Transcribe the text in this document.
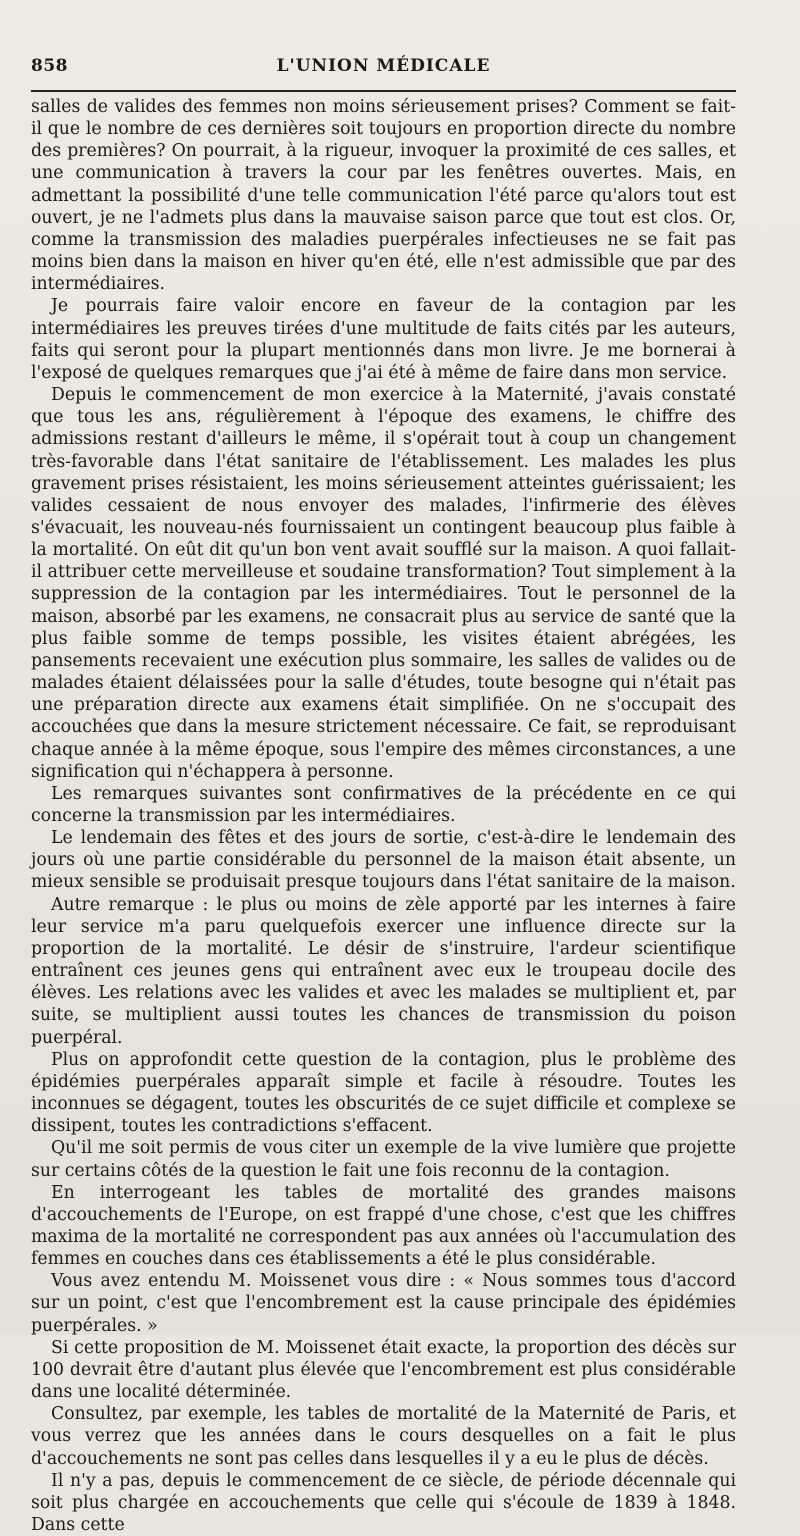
858	L'UNION MÉDICALE

salles de valides des femmes non moins sérieusement prises? Comment se fait-il que le nombre de ces dernières soit toujours en proportion directe du nombre des premières? On pourrait, à la rigueur, invoquer la proximité de ces salles, et une communication à travers la cour par les fenêtres ouvertes. Mais, en admettant la possibilité d'une telle communication l'été parce qu'alors tout est ouvert, je ne l'admets plus dans la mauvaise saison parce que tout est clos. Or, comme la transmission des maladies puerpérales infectieuses ne se fait pas moins bien dans la maison en hiver qu'en été, elle n'est admissible que par des intermédiaires.

Je pourrais faire valoir encore en faveur de la contagion par les intermédiaires les preuves tirées d'une multitude de faits cités par les auteurs, faits qui seront pour la plupart mentionnés dans mon livre. Je me bornerai à l'exposé de quelques remarques que j'ai été à même de faire dans mon service.

Depuis le commencement de mon exercice à la Maternité, j'avais constaté que tous les ans, régulièrement à l'époque des examens, le chiffre des admissions restant d'ailleurs le même, il s'opérait tout à coup un changement très-favorable dans l'état sanitaire de l'établissement. Les malades les plus gravement prises résistaient, les moins sérieusement atteintes guérissaient; les valides cessaient de nous envoyer des malades, l'infirmerie des élèves s'évacuait, les nouveau-nés fournissaient un contingent beaucoup plus faible à la mortalité. On eût dit qu'un bon vent avait soufflé sur la maison. A quoi fallait-il attribuer cette merveilleuse et soudaine transformation? Tout simplement à la suppression de la contagion par les intermédiaires. Tout le personnel de la maison, absorbé par les examens, ne consacrait plus au service de santé que la plus faible somme de temps possible, les visites étaient abrégées, les pansements recevaient une exécution plus sommaire, les salles de valides ou de malades étaient délaissées pour la salle d'études, toute besogne qui n'était pas une préparation directe aux examens était simplifiée. On ne s'occupait des accouchées que dans la mesure strictement nécessaire. Ce fait, se reproduisant chaque année à la même époque, sous l'empire des mêmes circonstances, a une signification qui n'échappera à personne.

Les remarques suivantes sont confirmatives de la précédente en ce qui concerne la transmission par les intermédiaires.

Le lendemain des fêtes et des jours de sortie, c'est-à-dire le lendemain des jours où une partie considérable du personnel de la maison était absente, un mieux sensible se produisait presque toujours dans l'état sanitaire de la maison.

Autre remarque : le plus ou moins de zèle apporté par les internes à faire leur service m'a paru quelquefois exercer une influence directe sur la proportion de la mortalité. Le désir de s'instruire, l'ardeur scientifique entraînent ces jeunes gens qui entraînent avec eux le troupeau docile des élèves. Les relations avec les valides et avec les malades se multiplient et, par suite, se multiplient aussi toutes les chances de transmission du poison puerpéral.

Plus on approfondit cette question de la contagion, plus le problème des épidémies puerpérales apparaît simple et facile à résoudre. Toutes les inconnues se dégagent, toutes les obscurités de ce sujet difficile et complexe se dissipent, toutes les contradictions s'effacent.

Qu'il me soit permis de vous citer un exemple de la vive lumière que projette sur certains côtés de la question le fait une fois reconnu de la contagion.

En interrogeant les tables de mortalité des grandes maisons d'accouchements de l'Europe, on est frappé d'une chose, c'est que les chiffres maxima de la mortalité ne correspondent pas aux années où l'accumulation des femmes en couches dans ces établissements a été le plus considérable.

Vous avez entendu M. Moissenet vous dire : « Nous sommes tous d'accord sur un point, c'est que l'encombrement est la cause principale des épidémies puerpérales. »

Si cette proposition de M. Moissenet était exacte, la proportion des décès sur 100 devrait être d'autant plus élevée que l'encombrement est plus considérable dans une localité déterminée.

Consultez, par exemple, les tables de mortalité de la Maternité de Paris, et vous verrez que les années dans le cours desquelles on a fait le plus d'accouchements ne sont pas celles dans lesquelles il y a eu le plus de décès.

Il n'y a pas, depuis le commencement de ce siècle, de période décennale qui soit plus chargée en accouchements que celle qui s'écoule de 1839 à 1848. Dans cette
